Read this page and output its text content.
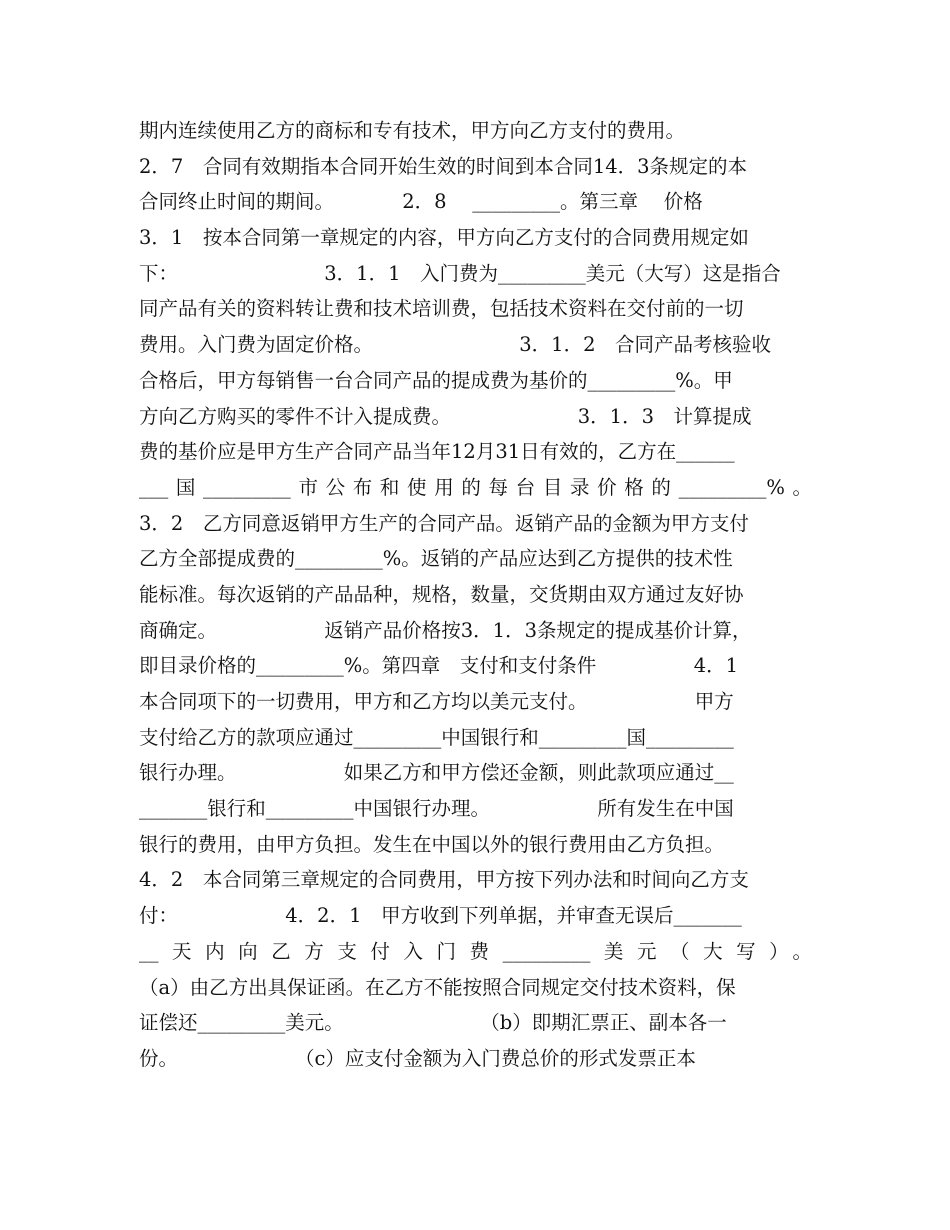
期内连续使用乙方的商标和专有技术，甲方向乙方支付的费用。
2．7　合同有效期指本合同开始生效的时间到本合同14．3条规定的本
合同终止时间的期间。　　　　2．8　 _________。第三章　 价格
3．1　按本合同第一章规定的内容，甲方向乙方支付的合同费用规定如
下：　　　　　　　　3．1．1　入门费为_________美元（大写）这是指合
同产品有关的资料转让费和技术培训费，包括技术资料在交付前的一切
费用。入门费为固定价格。　　　　　　　　3．1．2　合同产品考核验收
合格后，甲方每销售一台合同产品的提成费为基价的_________%。甲
方向乙方购买的零件不计入提成费。　　　　　　　3．1．3　计算提成
费的基价应是甲方生产合同产品当年12月31日有效的，乙方在______
___国_________市公布和使用的每台目录价格的_________%。
3．2　乙方同意返销甲方生产的合同产品。返销产品的金额为甲方支付
乙方全部提成费的_________%。返销的产品应达到乙方提供的技术性
能标准。每次返销的产品品种，规格，数量，交货期由双方通过友好协
商确定。　　　　　　返销产品价格按3．1．3条规定的提成基价计算，
即目录价格的_________%。第四章　支付和支付条件　　　　　4．1
本合同项下的一切费用，甲方和乙方均以美元支付。　　　　　　甲方
支付给乙方的款项应通过_________中国银行和_________国_________
银行办理。　　　　　　如果乙方和甲方偿还金额，则此款项应通过__
_______银行和_________中国银行办理。　　　　　　所有发生在中国
银行的费用，由甲方负担。发生在中国以外的银行费用由乙方负担。
4．2　本合同第三章规定的合同费用，甲方按下列办法和时间向乙方支
付：　　　　　　4．2．1　甲方收到下列单据，并审查无误后_______
__天内向乙方支付入门费_________美元（大写）。
（a）由乙方出具保证函。在乙方不能按照合同规定交付技术资料，保
证偿还_________美元。　　　　　　　　（b）即期汇票正、副本各一
份。　　　　　　　（c）应支付金额为入门费总价的形式发票正本
